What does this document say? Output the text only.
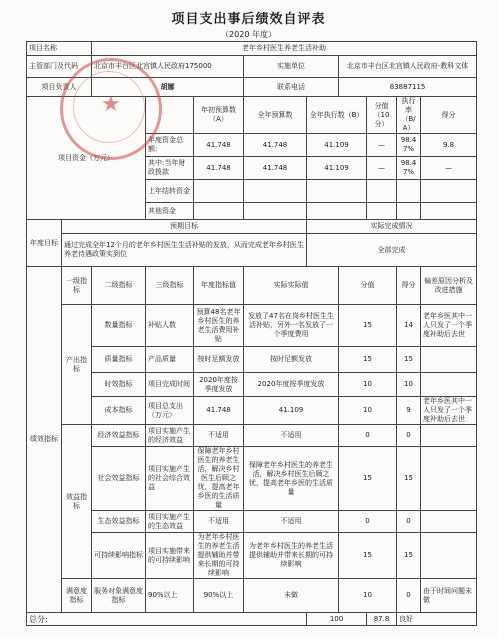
项目支出事后绩效自评表
（2020 年度）
项目名称		老年乡村医生养老生活补助								
主管部门及代码		北京市丰台区北宫镇人民政府175000			实施单位		北京市丰台区北宫镇人民政府-教科文体			
项目负责人		胡娜			联系电话		83887115			
项目资金（万元）				年初预算数（A）	全年预算数	全年执行数（B）		分值（10分）	执行率（B/A）	得分
			年度资金总额:	41.748	41.748	41.109		—	98.47%	9.8
			其中:当年财政拨款	41.748	41.748	41.109		—	98.47%	—
			上年结转资金							
			其他资金							
年度目标	预期目标					实际完成情况				
	通过完成全年12个月的老年乡村医生生活补贴的发放，从而完成老年乡村医生养老待遇政策实到位					全部完成				
绩效指标	一级指标	二级指标	三级指标	年度指标值	实际实际值		分值		得分	偏差原因分析及改进措施
	产出指标	数量指标	补贴人数	预算48名老年乡村医生的养老生活费用补贴	发放了47名在岗乡村医生生活补贴，另外一名发放了一个季度费用		15		14	老年乡医其中一人只发了一个季度补助后去世
		质量指标	产品质量	按时足额发放	按时足额发放		15		15	
		时效指标	项目完成时间	2020年度按季度发放	2020年度按季度发放		10		10	
		成本指标	项目总支出（万元）	41.748	41.109		10		9	老年乡医其中一人只发了一个季度补助后去世
	效益指标	经济效益指标	项目实施产生的经济效益	不适用	不适用		0		0	
		社会效益指标	项目实施产生的社会综合效益	保障老年乡村医生的养老生活，解决乡村医生后顾之忧，提高老年乡医的生活质量	保障老年乡村医生的养老生活，解决乡村医生后顾之忧，提高老年乡医的生活质量		15		15	
		生态效益指标	项目实施产生的生态效益	不适用	不适用		0		0	
		可持续影响指标	项目实施带来的可持续影响	为老年乡村医生的养老生活提供辅助并带来长期的可持续影响	为老年乡村医生的养老生活提供辅助并带来长期的可持续影响		15		15	
	满意度指标	服务对象满意度指标	90%以上	90%以上	未做		10		0	由于时间问题未做
总分:						100		87.8	良好	
★
